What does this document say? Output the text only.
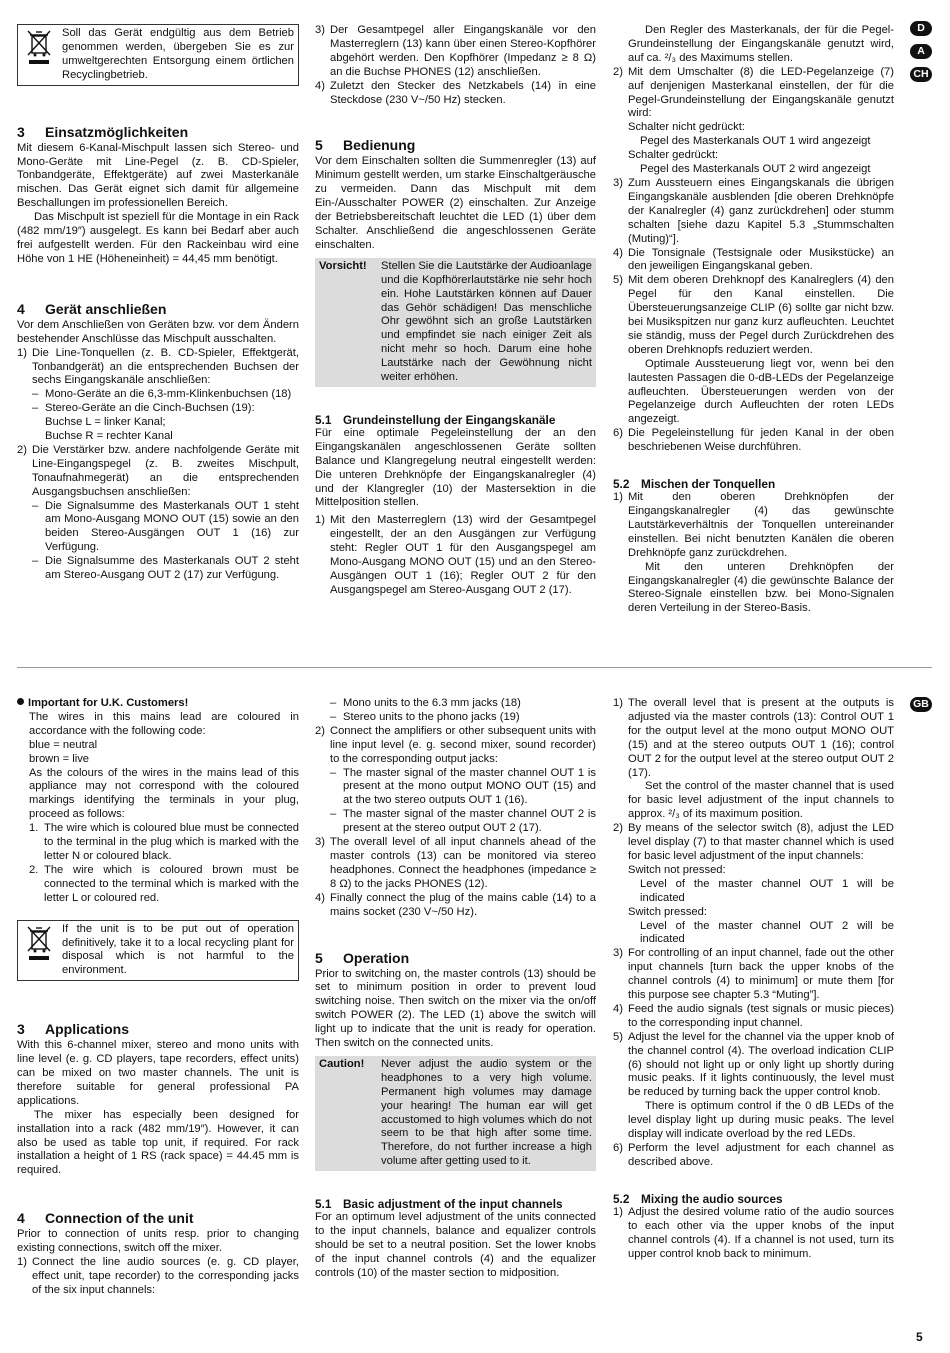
D
A
CH
GB
Soll das Gerät endgültig aus dem Betrieb genommen werden, übergeben Sie es zur umweltgerechten Entsorgung einem örtlichen Recyclingbetrieb.
3 Einsatzmöglichkeiten

Mit diesem 6-Kanal-Mischpult lassen sich Stereo- und Mono-Geräte mit Line-Pegel (z. B. CD-Spieler, Tonbandgeräte, Effektgeräte) auf zwei Masterkanäle mischen. Das Gerät eignet sich damit für allgemeine Beschallungen im professionellen Bereich.

Das Mischpult ist speziell für die Montage in ein Rack (482 mm/19″) ausgelegt. Es kann bei Bedarf aber auch frei aufgestellt werden. Für den Rackeinbau wird eine Höhe von 1 HE (Höheneinheit) = 44,45 mm benötigt.

4 Gerät anschließen

Vor dem Anschließen von Geräten bzw. vor dem Ändern bestehender Anschlüsse das Mischpult ausschalten.

1) Die Line-Tonquellen (z. B. CD-Spieler, Effektgerät, Tonbandgerät) an die entsprechenden Buchsen der sechs Eingangskanäle anschließen:
– Mono-Geräte an die 6,3-mm-Klinkenbuchsen (18)
– Stereo-Geräte an die Cinch-Buchsen (19):
Buchse L = linker Kanal;
Buchse R = rechter Kanal
2) Die Verstärker bzw. andere nachfolgende Geräte mit Line-Eingangspegel (z. B. zweites Mischpult, Tonaufnahmegerät) an die entsprechenden Ausgangsbuchsen anschließen:
– Die Signalsumme des Masterkanals OUT 1 steht am Mono-Ausgang MONO OUT (15) sowie an den beiden Stereo-Ausgängen OUT 1 (16) zur Verfügung.
– Die Signalsumme des Masterkanals OUT 2 steht am Stereo-Ausgang OUT 2 (17) zur Verfügung.
3) Der Gesamtpegel aller Eingangskanäle vor den Masterreglern (13) kann über einen Stereo-Kopfhörer abgehört werden. Den Kopfhörer (Impedanz ≥ 8 Ω) an die Buchse PHONES (12) anschließen.
4) Zuletzt den Stecker des Netzkabels (14) in eine Steckdose (230 V~/50 Hz) stecken.
5 Bedienung

Vor dem Einschalten sollten die Summenregler (13) auf Minimum gestellt werden, um starke Einschaltgeräusche zu vermeiden. Dann das Mischpult mit dem Ein-/Ausschalter POWER (2) einschalten. Zur Anzeige der Betriebsbereitschaft leuchtet die LED (1) über dem Schalter. Anschließend die angeschlossenen Geräte einschalten.

Vorsicht!	Stellen Sie die Lautstärke der Audioanlage und die Kopfhörerlautstärke nie sehr hoch ein. Hohe Lautstärken können auf Dauer das Gehör schädigen! Das menschliche Ohr gewöhnt sich an große Lautstärken und empfindet sie nach einiger Zeit als nicht mehr so hoch. Darum eine hohe Lautstärke nach der Gewöhnung nicht weiter erhöhen.
5.1 Grundeinstellung der Eingangskanäle

Für eine optimale Pegeleinstellung der an den Eingangskanälen angeschlossenen Geräte sollten Balance und Klangregelung neutral eingestellt werden: Die unteren Drehknöpfe der Eingangskanalregler (4) und der Klangregler (10) der Mastersektion in die Mittelposition stellen.

1) Mit den Masterreglern (13) wird der Gesamtpegel eingestellt, der an den Ausgängen zur Verfügung steht: Regler OUT 1 für den Ausgangspegel am Mono-Ausgang MONO OUT (15) und an den Stereo-Ausgängen OUT 1 (16); Regler OUT 2 für den Ausgangspegel am Stereo-Ausgang OUT 2 (17).

Den Regler des Masterkanals, der für die Pegel-Grundeinstellung der Eingangskanäle genutzt wird, auf ca. ²/₃ des Maximums stellen.

2) Mit dem Umschalter (8) die LED-Pegelanzeige (7) auf denjenigen Masterkanal einstellen, der für die Pegel-Grundeinstellung der Eingangskanäle genutzt wird:
Schalter nicht gedrückt:
Pegel des Masterkanals OUT 1 wird angezeigt
Schalter gedrückt:
Pegel des Masterkanals OUT 2 wird angezeigt
3) Zum Aussteuern eines Eingangskanals die übrigen Eingangskanäle ausblenden [die oberen Drehknöpfe der Kanalregler (4) ganz zurückdrehen] oder stumm schalten [siehe dazu Kapitel 5.3 „Stummschalten (Muting)“].
4) Die Tonsignale (Testsignale oder Musikstücke) an den jeweiligen Eingangskanal geben.
5) Mit dem oberen Drehknopf des Kanalreglers (4) den Pegel für den Kanal einstellen. Die Übersteuerungsanzeige CLIP (6) sollte gar nicht bzw. bei Musikspitzen nur ganz kurz aufleuchten. Leuchtet sie ständig, muss der Pegel durch Zurückdrehen des oberen Drehknopfs reduziert werden.

Optimale Aussteuerung liegt vor, wenn bei den lautesten Passagen die 0-dB-LEDs der Pegelanzeige aufleuchten. Übersteuerungen werden von der Pegelanzeige durch Aufleuchten der roten LEDs angezeigt.

6) Die Pegeleinstellung für jeden Kanal in der oben beschriebenen Weise durchführen.
5.2 Mischen der Tonquellen
1) Mit den oberen Drehknöpfen der Eingangskanalregler (4) das gewünschte Lautstärkeverhältnis der Tonquellen untereinander einstellen. Bei nicht benutzten Kanälen die oberen Drehknöpfe ganz zurückdrehen.

Mit den unteren Drehknöpfen der Eingangskanalregler (4) die gewünschte Balance der Stereo-Signale einstellen bzw. bei Mono-Signalen deren Verteilung in der Stereo-Basis.

Important for U.K. Customers!

The wires in this mains lead are coloured in accordance with the following code:

blue = neutral
brown = live

As the colours of the wires in the mains lead of this appliance may not correspond with the coloured markings identifying the terminals in your plug, proceed as follows:

1. The wire which is coloured blue must be connected to the terminal in the plug which is marked with the letter N or coloured black.
2. The wire which is coloured brown must be connected to the terminal which is marked with the letter L or coloured red.
If the unit is to be put out of operation definitively, take it to a local recycling plant for disposal which is not harmful to the environment.
3 Applications

With this 6-channel mixer, stereo and mono units with line level (e. g. CD players, tape recorders, effect units) can be mixed on two master channels. The unit is therefore suitable for general professional PA applications.

The mixer has especially been designed for installation into a rack (482 mm/19″). However, it can also be used as table top unit, if required. For rack installation a height of 1 RS (rack space) = 44.45 mm is required.

4 Connection of the unit

Prior to connection of units resp. prior to changing existing connections, switch off the mixer.

1) Connect the line audio sources (e. g. CD player, effect unit, tape recorder) to the corresponding jacks of the six input channels:
– Mono units to the 6.3 mm jacks (18)
– Stereo units to the phono jacks (19)
2) Connect the amplifiers or other subsequent units with line input level (e. g. second mixer, sound recorder) to the corresponding output jacks:
– The master signal of the master channel OUT 1 is present at the mono output MONO OUT (15) and at the two stereo outputs OUT 1 (16).
– The master signal of the master channel OUT 2 is present at the stereo output OUT 2 (17).
3) The overall level of all input channels ahead of the master controls (13) can be monitored via stereo headphones. Connect the headphones (impedance ≥ 8 Ω) to the jacks PHONES (12).
4) Finally connect the plug of the mains cable (14) to a mains socket (230 V~/50 Hz).
5 Operation

Prior to switching on, the master controls (13) should be set to minimum position in order to prevent loud switching noise. Then switch on the mixer via the on/off switch POWER (2). The LED (1) above the switch will light up to indicate that the unit is ready for operation. Then switch on the connected units.

Caution!	Never adjust the audio system or the headphones to a very high volume. Permanent high volumes may damage your hearing! The human ear will get accustomed to high volumes which do not seem to be that high after some time. Therefore, do not further increase a high volume after getting used to it.
5.1 Basic adjustment of the input channels

For an optimum level adjustment of the units connected to the input channels, balance and equalizer controls should be set to a neutral position. Set the lower knobs of the input channel controls (4) and the equalizer controls (10) of the master section to midposition.

1) The overall level that is present at the outputs is adjusted via the master controls (13): Control OUT 1 for the output level at the mono output MONO OUT (15) and at the stereo outputs OUT 1 (16); control OUT 2 for the output level at the stereo output OUT 2 (17).

Set the control of the master channel that is used for basic level adjustment of the input channels to approx. ²/₃ of its maximum position.

2) By means of the selector switch (8), adjust the LED level display (7) to that master channel which is used for basic level adjustment of the input channels:
Switch not pressed:
Level of the master channel OUT 1 will be indicated
Switch pressed:
Level of the master channel OUT 2 will be indicated
3) For controlling of an input channel, fade out the other input channels [turn back the upper knobs of the channel controls (4) to minimum] or mute them [for this purpose see chapter 5.3 “Muting”].
4) Feed the audio signals (test signals or music pieces) to the corresponding input channel.
5) Adjust the level for the channel via the upper knob of the channel control (4). The overload indication CLIP (6) should not light up or only light up shortly during music peaks. If it lights continuously, the level must be reduced by turning back the upper control knob.

There is optimum control if the 0 dB LEDs of the level display light up during music peaks. The level display will indicate overload by the red LEDs.

6) Perform the level adjustment for each channel as described above.
5.2 Mixing the audio sources
1) Adjust the desired volume ratio of the audio sources to each other via the upper knobs of the input channel controls (4). If a channel is not used, turn its upper control knob back to minimum.
5
